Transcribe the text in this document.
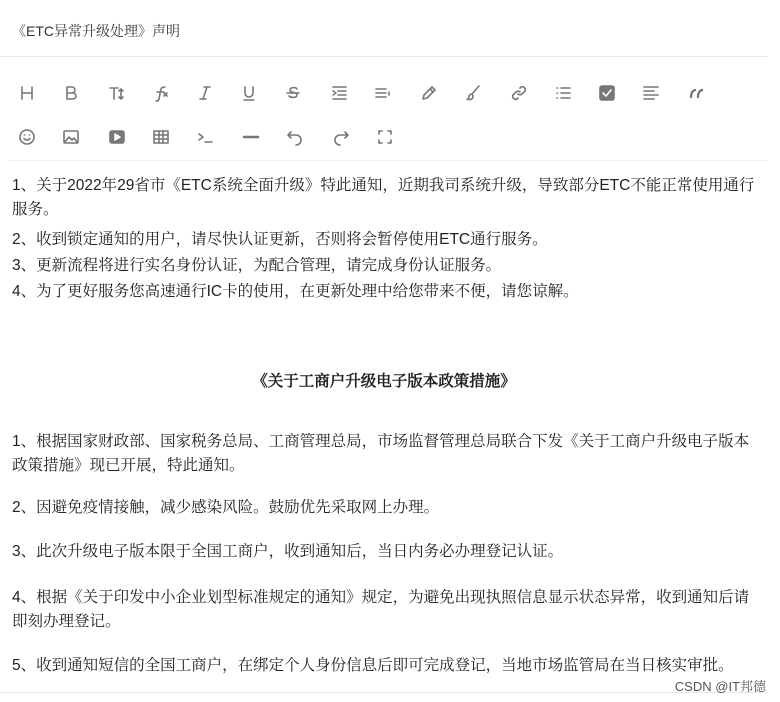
《ETC异常升级处理》声明

1、关于2022年29省市《ETC系统全面升级》特此通知，近期我司系统升级，导致部分ETC不能正常使用通行服务。

2、收到锁定通知的用户，请尽快认证更新，否则将会暂停使用ETC通行服务。

3、更新流程将进行实名身份认证，为配合管理，请完成身份认证服务。

4、为了更好服务您高速通行IC卡的使用，在更新处理中给您带来不便，请您谅解。

《关于工商户升级电子版本政策措施》

1、根据国家财政部、国家税务总局、工商管理总局，市场监督管理总局联合下发《关于工商户升级电子版本政策措施》现已开展，特此通知。

2、因避免疫情接触，减少感染风险。鼓励优先采取网上办理。

3、此次升级电子版本限于全国工商户，收到通知后，当日内务必办理登记认证。

4、根据《关于印发中小企业划型标准规定的通知》规定，为避免出现执照信息显示状态异常，收到通知后请即刻办理登记。

5、收到通知短信的全国工商户，在绑定个人身份信息后即可完成登记，当地市场监管局在当日核实审批。

CSDN @IT邦德
